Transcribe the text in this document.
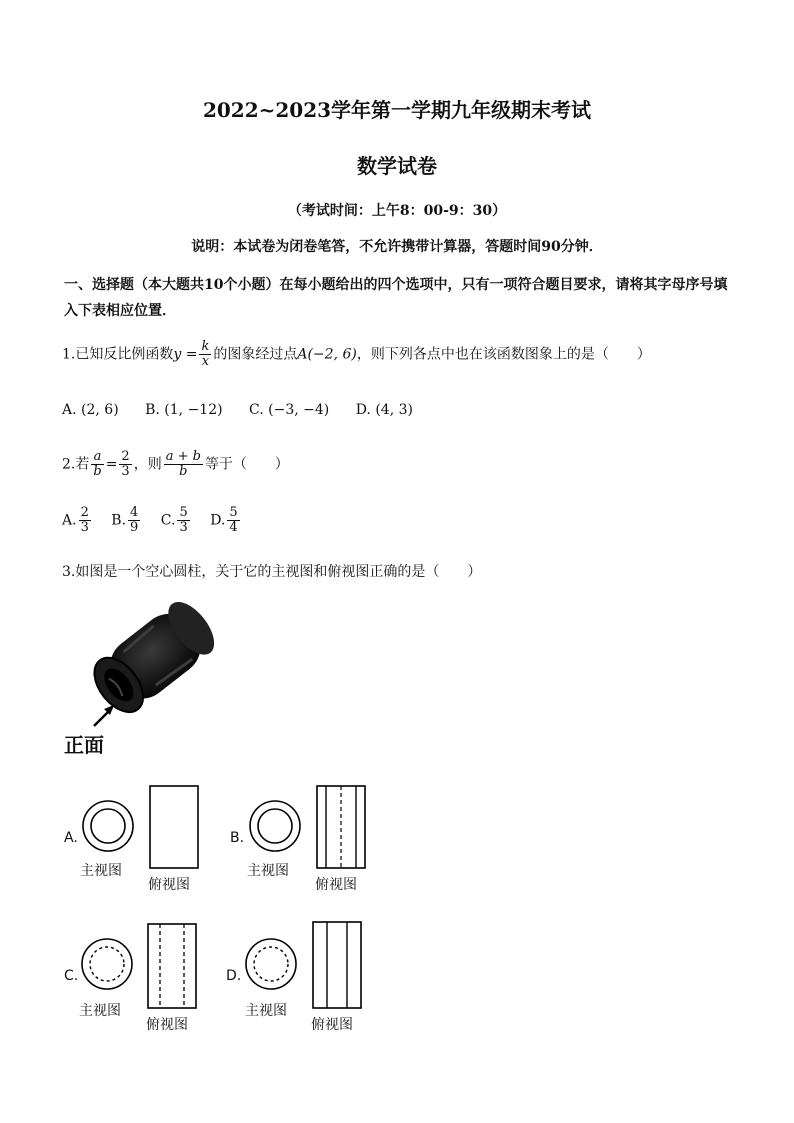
2022~2023学年第一学期九年级期末考试
数学试卷
（考试时间：上午8：00-9：30）
说明：本试卷为闭卷笔答，不允许携带计算器，答题时间90分钟．
一、选择题（本大题共10个小题）在每小题给出的四个选项中，只有一项符合题目要求，请将其字母序号填入下表相应位置．
1.已知反比例函数$y = \frac{k}{x}$ 的图象经过点A(−2, 6)，则下列各点中也在该函数图象上的是（　　）
A. (2, 6) B. (1, −12) C. (−3, −4) D. (4, 3)
2.若 $\frac{a}{b} = \frac{2}{3}$ ，则 $\frac{a + b}{b}$ 等于（　　）
A. $\frac{2}{3} B$. $\frac{4}{9} C$. $\frac{5}{3} D$. $\frac{5}{4}$
3.如图是一个空心圆柱，关于它的主视图和俯视图正确的是（　　）
正面
A.
主视图
俯视图
B.
主视图
俯视图
C.
主视图
俯视图
D.
主视图
俯视图
